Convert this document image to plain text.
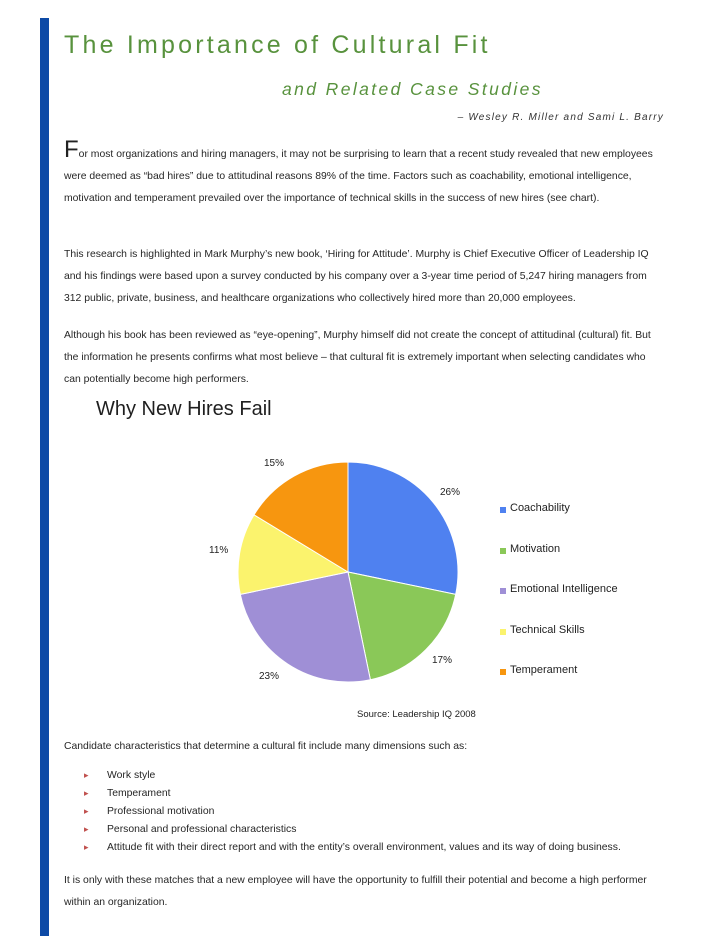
The Importance of Cultural Fit
and Related Case Studies
– Wesley R. Miller and Sami L. Barry

For most organizations and hiring managers, it may not be surprising to learn that a recent study revealed that new employees were deemed as “bad hires” due to attitudinal reasons 89% of the time. Factors such as coachability, emotional intelligence, motivation and temperament prevailed over the importance of technical skills in the success of new hires (see chart).

This research is highlighted in Mark Murphy’s new book, ‘Hiring for Attitude’. Murphy is Chief Executive Officer of Leadership IQ and his findings were based upon a survey conducted by his company over a 3-year time period of 5,247 hiring managers from 312 public, private, business, and healthcare organizations who collectively hired more than 20,000 employees.

Although his book has been reviewed as “eye-opening”, Murphy himself did not create the concept of attitudinal (cultural) fit. But the information he presents confirms what most believe – that cultural fit is extremely important when selecting candidates who can potentially become high performers.

Why New Hires Fail
26%
17%
23%
11%
15%
Coachability
Motivation
Emotional Intelligence
Technical Skills
Temperament
Source: Leadership IQ 2008
Candidate characteristics that determine a cultural fit include many dimensions such as:
▸ Work style
▸ Temperament
▸ Professional motivation
▸ Personal and professional characteristics
▸ Attitude fit with their direct report and with the entity’s overall environment, values and its way of doing business.

It is only with these matches that a new employee will have the opportunity to fulfill their potential and become a high performer within an organization.
